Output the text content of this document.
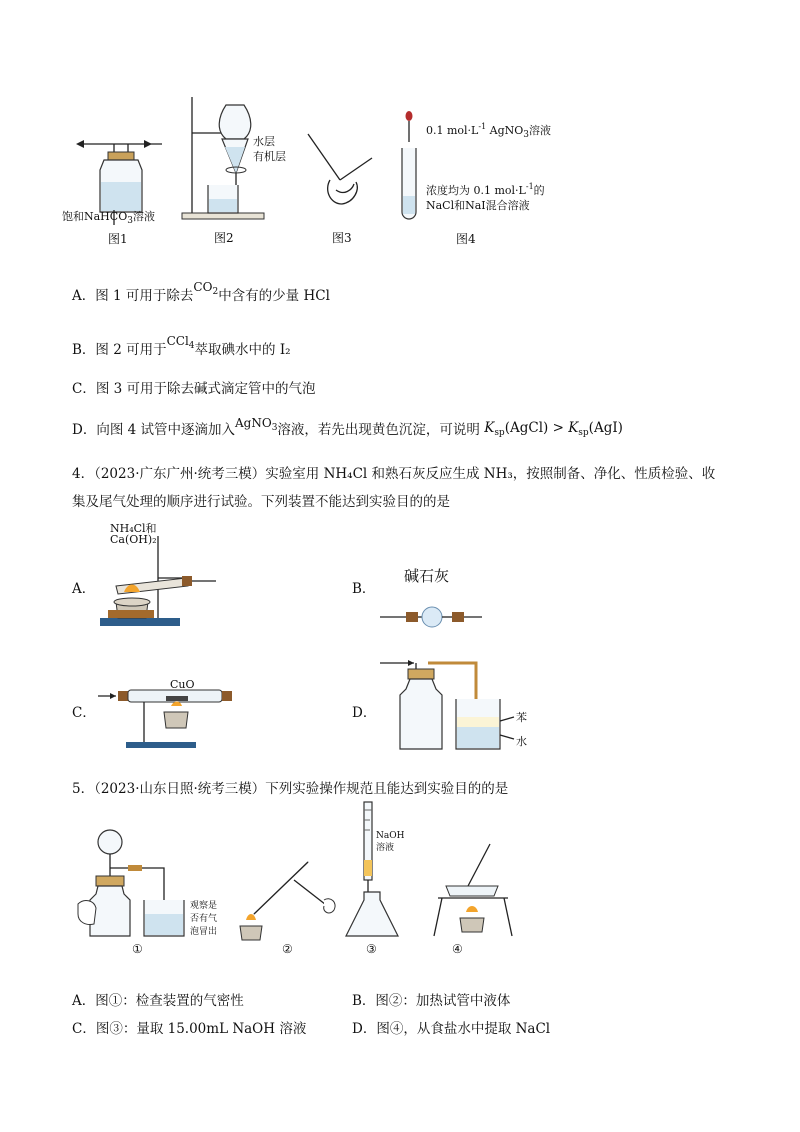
饱和NaHCO$_3$溶液
图1
水层
有机层
图2	图3
0.1 $mol\cdot L^{-1}$ AgNO$_3$溶液
浓度均为 0.1 $mol\cdot L^{-1}$的
NaCl和NaI混合溶液
图4
A．图 1 可用于除去$CO_2$中含有的少量 HCl
B．图 2 可用于CCl$_4$萃取碘水中的 I₂
C．图 3 可用于除去碱式滴定管中的气泡
D．向图 4 试管中逐滴加入AgNO$_3$溶液，若先出现黄色沉淀，可说明 $K_{sp}(AgCl) > K_{sp}(AgI)$
4．（2023·广东广州·统考三模）实验室用 NH₄Cl 和熟石灰反应生成 NH₃，按照制备、净化、性质检验、收
集及尾气处理的顺序进行试验。下列装置不能达到实验目的的是
A．
NH₄Cl和
Ca(OH)₂
B．
碱石灰
C．
CuO
D．	苯
水
5．（2023·山东日照·统考三模）下列实验操作规范且能达到实验目的的是
观察是
否有气
泡冒出
①	②
NaOH
溶液
③	④
A．图①：检查装置的气密性	B．图②：加热试管中液体
C．图③：量取 15.00mL NaOH 溶液	D．图④，从食盐水中提取 NaCl
